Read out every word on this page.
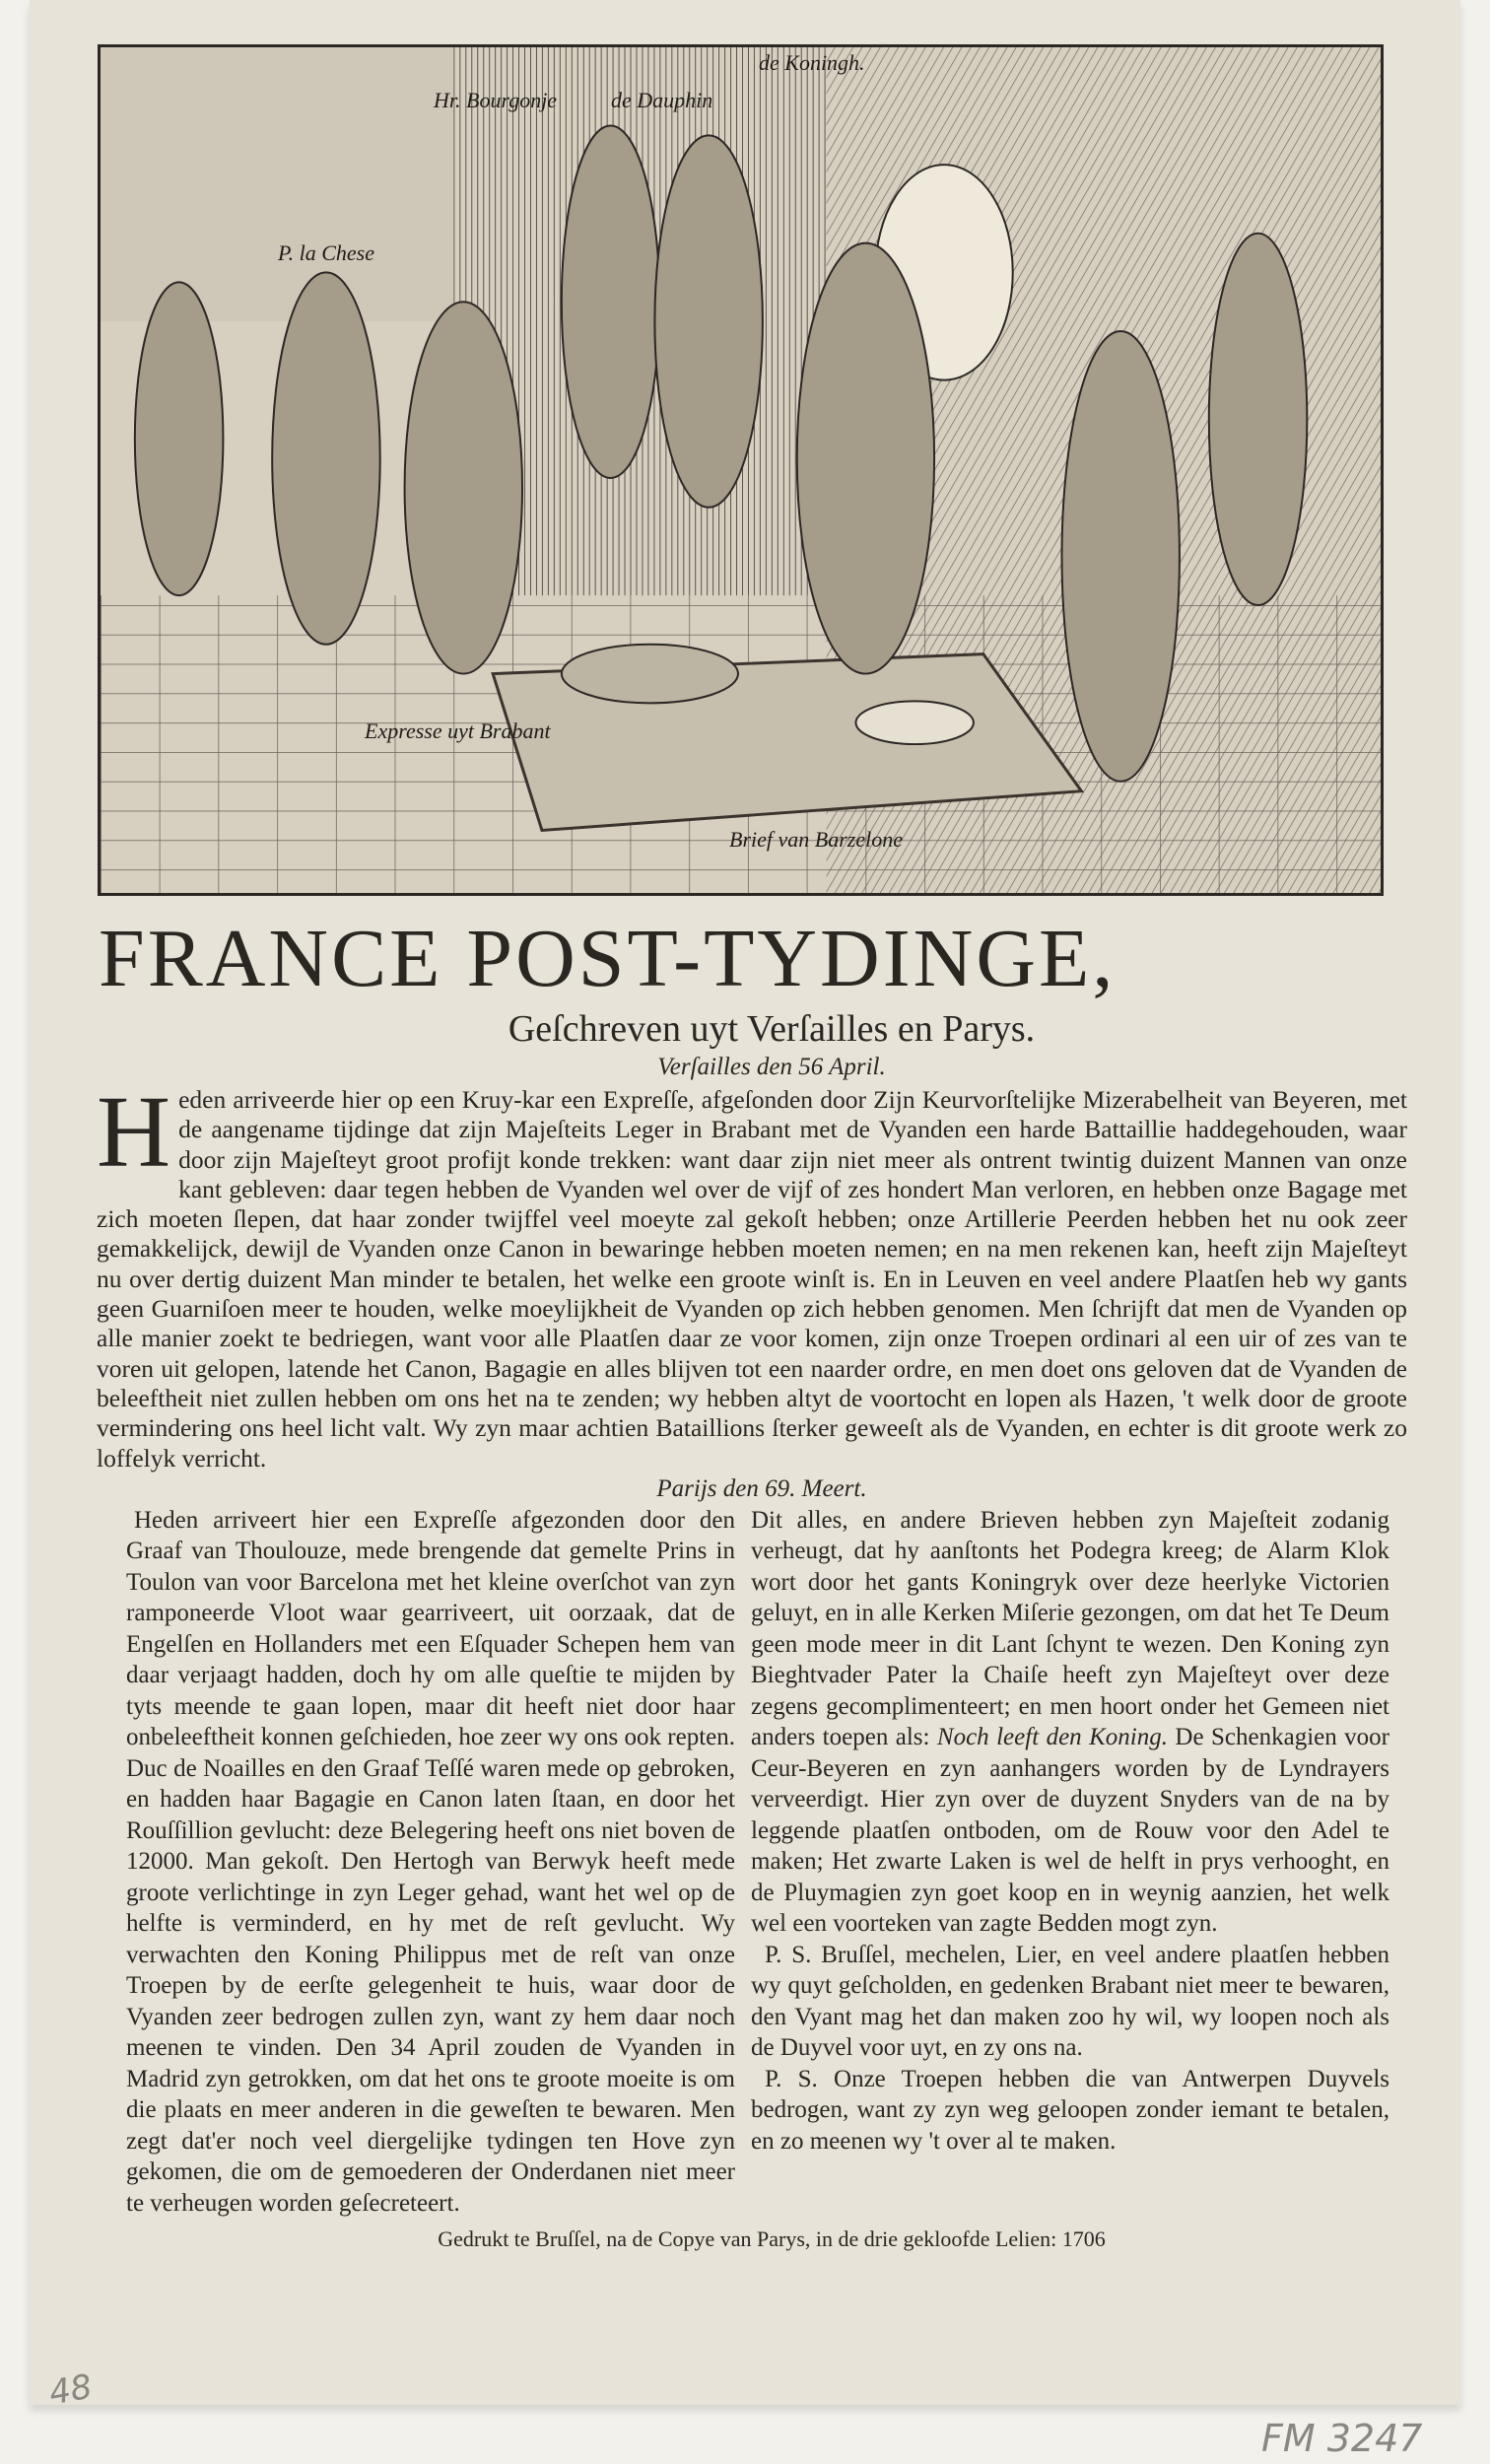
Hr. Bourgonje de Dauphin
de Koningh.
P. la Chese
Expresse uyt Brabant
Brief van Barzelone
FRANCE POST-TYDINGE,
Geſchreven uyt Verſailles en Parys.
Verſailles den 56 April.
Heden arriveerde hier op een Kruy-kar een Expreſſe, afgeſonden door Zijn Keurvorſtelijke Mizerabelheit van Beyeren, met de aangename tijdinge dat zijn Majeſteits Leger in Brabant met de Vyanden een harde Battaillie haddegehouden, waar door zijn Majeſteyt groot profijt konde trekken: want daar zijn niet meer als ontrent twintig duizent Mannen van onze kant gebleven: daar tegen hebben de Vyanden wel over de vijf of zes hondert Man verloren, en hebben onze Bagage met zich moeten ſlepen, dat haar zonder twijffel veel moeyte zal gekoſt hebben; onze Artillerie Peerden hebben het nu ook zeer gemakkelijck, dewijl de Vyanden onze Canon in bewaringe hebben moeten nemen; en na men rekenen kan, heeft zijn Majeſteyt nu over dertig duizent Man minder te betalen, het welke een groote winſt is. En in Leuven en veel andere Plaatſen heb wy gants geen Guarniſoen meer te houden, welke moeylijkheit de Vyanden op zich hebben genomen. Men ſchrijft dat men de Vyanden op alle manier zoekt te bedriegen, want voor alle Plaatſen daar ze voor komen, zijn onze Troepen ordinari al een uir of zes van te voren uit gelopen, latende het Canon, Bagagie en alles blijven tot een naarder ordre, en men doet ons geloven dat de Vyanden de beleeftheit niet zullen hebben om ons het na te zenden; wy hebben altyt de voortocht en lopen als Hazen, 't welk door de groote vermindering ons heel licht valt. Wy zyn maar achtien Bataillions ſterker geweeſt als de Vyanden, en echter is dit groote werk zo loffelyk verricht.
Parijs den 69. Meert.

Heden arriveert hier een Expreſſe afgezonden door den Graaf van Thoulouze, mede brengende dat gemelte Prins in Toulon van voor Barcelona met het kleine overſchot van zyn ramponeerde Vloot waar gearriveert, uit oorzaak, dat de Engelſen en Hollanders met een Eſquader Schepen hem van daar verjaagt hadden, doch hy om alle queſtie te mijden by tyts meende te gaan lopen, maar dit heeft niet door haar onbeleeftheit konnen geſchieden, hoe zeer wy ons ook repten. Duc de Noailles en den Graaf Teſſé waren mede op gebroken, en hadden haar Bagagie en Canon laten ſtaan, en door het Rouſſillion gevlucht: deze Belegering heeft ons niet boven de 12000. Man gekoſt. Den Hertogh van Berwyk heeft mede groote verlichtinge in zyn Leger gehad, want het wel op de helfte is verminderd, en hy met de reſt gevlucht. Wy verwachten den Koning Philippus met de reſt van onze Troepen by de eerſte gelegenheit te huis, waar door de Vyanden zeer bedrogen zullen zyn, want zy hem daar noch meenen te vinden. Den 34 April zouden de Vyanden in Madrid zyn getrokken, om dat het ons te groote moeite is om die plaats en meer anderen in die geweſten te bewaren. Men zegt dat'er noch veel diergelijke tydingen ten Hove zyn gekomen, die om de gemoederen der Onderdanen niet meer te verheugen worden geſecreteert.

Dit alles, en andere Brieven hebben zyn Majeſteit zodanig verheugt, dat hy aanſtonts het Podegra kreeg; de Alarm Klok wort door het gants Koningryk over deze heerlyke Victorien geluyt, en in alle Kerken Miſerie gezongen, om dat het Te Deum geen mode meer in dit Lant ſchynt te wezen. Den Koning zyn Bieghtvader Pater la Chaiſe heeft zyn Majeſteyt over deze zegens gecomplimenteert; en men hoort onder het Gemeen niet anders toepen als: Noch leeft den Koning. De Schenkagien voor Ceur-Beyeren en zyn aanhangers worden by de Lyndrayers verveerdigt. Hier zyn over de duyzent Snyders van de na by leggende plaatſen ontboden, om de Rouw voor den Adel te maken; Het zwarte Laken is wel de helft in prys verhooght, en de Pluymagien zyn goet koop en in weynig aanzien, het welk wel een voorteken van zagte Bedden mogt zyn.

P. S. Bruſſel, mechelen, Lier, en veel andere plaatſen hebben wy quyt geſcholden, en gedenken Brabant niet meer te bewaren, den Vyant mag het dan maken zoo hy wil, wy loopen noch als de Duyvel voor uyt, en zy ons na.

P. S. Onze Troepen hebben die van Antwerpen Duyvels bedrogen, want zy zyn weg geloopen zonder iemant te betalen, en zo meenen wy 't over al te maken.

Gedrukt te Bruſſel, na de Copye van Parys, in de drie gekloofde Lelien: 1706
48
FM 3247
